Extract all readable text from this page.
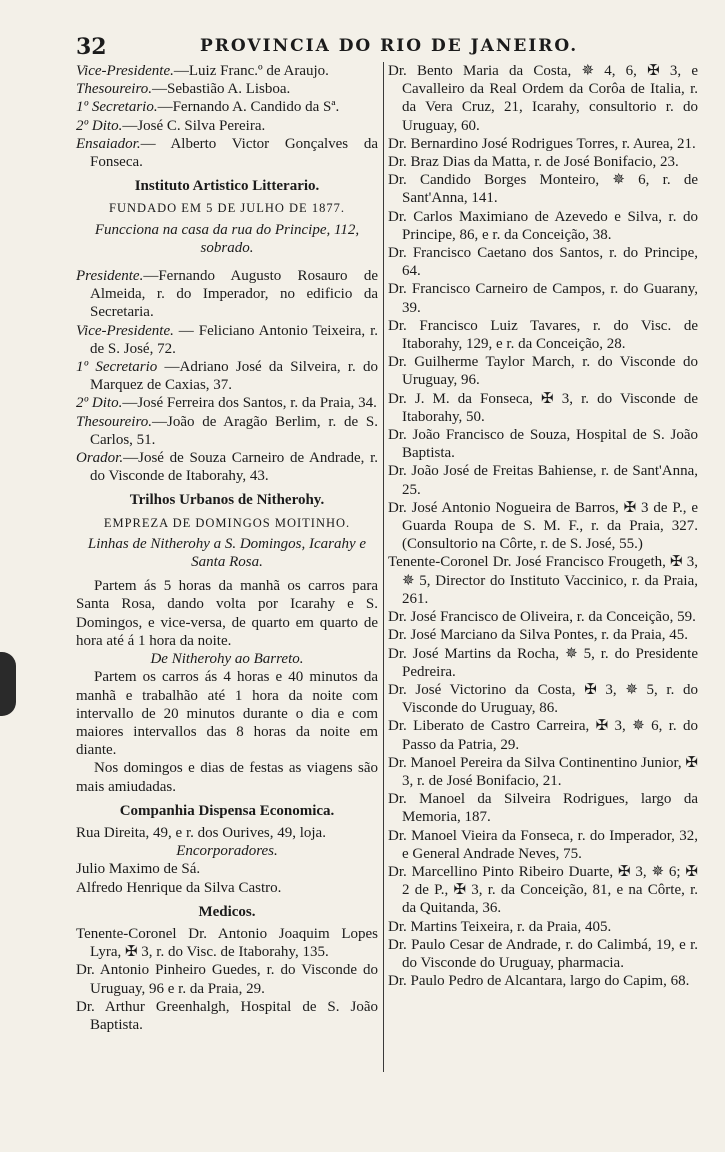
32	PROVINCIA DO RIO DE JANEIRO.
Vice-Presidente.—Luiz Franc.º de Araujo.
Thesoureiro.—Sebastião A. Lisboa.
1º Secretario.—Fernando A. Candido da Sª.
2º Dito.—José C. Silva Pereira.
Ensaiador.— Alberto Victor Gonçalves da Fonseca.
Instituto Artistico Litterario.
FUNDADO EM 5 DE JULHO DE 1877.
Funcciona na casa da rua do Principe, 112, sobrado.
Presidente.—Fernando Augusto Rosauro de Almeida, r. do Imperador, no edificio da Secretaria.
Vice-Presidente. — Feliciano Antonio Teixeira, r. de S. José, 72.
1º Secretario —Adriano José da Silveira, r. do Marquez de Caxias, 37.
2º Dito.—José Ferreira dos Santos, r. da Praia, 34.
Thesoureiro.—João de Aragão Berlim, r. de S. Carlos, 51.
Orador.—José de Souza Carneiro de Andrade, r. do Visconde de Itaborahy, 43.
Trilhos Urbanos de Nitherohy.
EMPREZA DE DOMINGOS MOITINHO.
Linhas de Nitherohy a S. Domingos, Icarahy e Santa Rosa.
Partem ás 5 horas da manhã os carros para Santa Rosa, dando volta por Icarahy e S. Domingos, e vice-versa, de quarto em quarto de hora até á 1 hora da noite.
De Nitherohy ao Barreto.
Partem os carros ás 4 horas e 40 minutos da manhã e trabalhão até 1 hora da noite com intervallo de 20 minutos durante o dia e com maiores intervallos das 8 horas da noite em diante.
Nos domingos e dias de festas as viagens são mais amiudadas.
Companhia Dispensa Economica.
Rua Direita, 49, e r. dos Ourives, 49, loja.
Encorporadores.
Julio Maximo de Sá.
Alfredo Henrique da Silva Castro.
Medicos.
Tenente-Coronel Dr. Antonio Joaquim Lopes Lyra, ✠ 3, r. do Visc. de Itaborahy, 135.
Dr. Antonio Pinheiro Guedes, r. do Visconde do Uruguay, 96 e r. da Praia, 29.
Dr. Arthur Greenhalgh, Hospital de S. João Baptista.
Dr. Bento Maria da Costa, ✵ 4, 6, ✠ 3, e Cavalleiro da Real Ordem da Corôa de Italia, r. da Vera Cruz, 21, Icarahy, consultorio r. do Uruguay, 60.
Dr. Bernardino José Rodrigues Torres, r. Aurea, 21.
Dr. Braz Dias da Matta, r. de José Bonifacio, 23.
Dr. Candido Borges Monteiro, ✵ 6, r. de Sant'Anna, 141.
Dr. Carlos Maximiano de Azevedo e Silva, r. do Principe, 86, e r. da Conceição, 38.
Dr. Francisco Caetano dos Santos, r. do Principe, 64.
Dr. Francisco Carneiro de Campos, r. do Guarany, 39.
Dr. Francisco Luiz Tavares, r. do Visc. de Itaborahy, 129, e r. da Conceição, 28.
Dr. Guilherme Taylor March, r. do Visconde do Uruguay, 96.
Dr. J. M. da Fonseca, ✠ 3, r. do Visconde de Itaborahy, 50.
Dr. João Francisco de Souza, Hospital de S. João Baptista.
Dr. João José de Freitas Bahiense, r. de Sant'Anna, 25.
Dr. José Antonio Nogueira de Barros, ✠ 3 de P., e Guarda Roupa de S. M. F., r. da Praia, 327. (Consultorio na Côrte, r. de S. José, 55.)
Tenente-Coronel Dr. José Francisco Frougeth, ✠ 3, ✵ 5, Director do Instituto Vaccinico, r. da Praia, 261.
Dr. José Francisco de Oliveira, r. da Conceição, 59.
Dr. José Marciano da Silva Pontes, r. da Praia, 45.
Dr. José Martins da Rocha, ✵ 5, r. do Presidente Pedreira.
Dr. José Victorino da Costa, ✠ 3, ✵ 5, r. do Visconde do Uruguay, 86.
Dr. Liberato de Castro Carreira, ✠ 3, ✵ 6, r. do Passo da Patria, 29.
Dr. Manoel Pereira da Silva Continentino Junior, ✠ 3, r. de José Bonifacio, 21.
Dr. Manoel da Silveira Rodrigues, largo da Memoria, 187.
Dr. Manoel Vieira da Fonseca, r. do Imperador, 32, e General Andrade Neves, 75.
Dr. Marcellino Pinto Ribeiro Duarte, ✠ 3, ✵ 6; ✠ 2 de P., ✠ 3, r. da Conceição, 81, e na Côrte, r. da Quitanda, 36.
Dr. Martins Teixeira, r. da Praia, 405.
Dr. Paulo Cesar de Andrade, r. do Calimbá, 19, e r. do Visconde do Uruguay, pharmacia.
Dr. Paulo Pedro de Alcantara, largo do Capim, 68.
